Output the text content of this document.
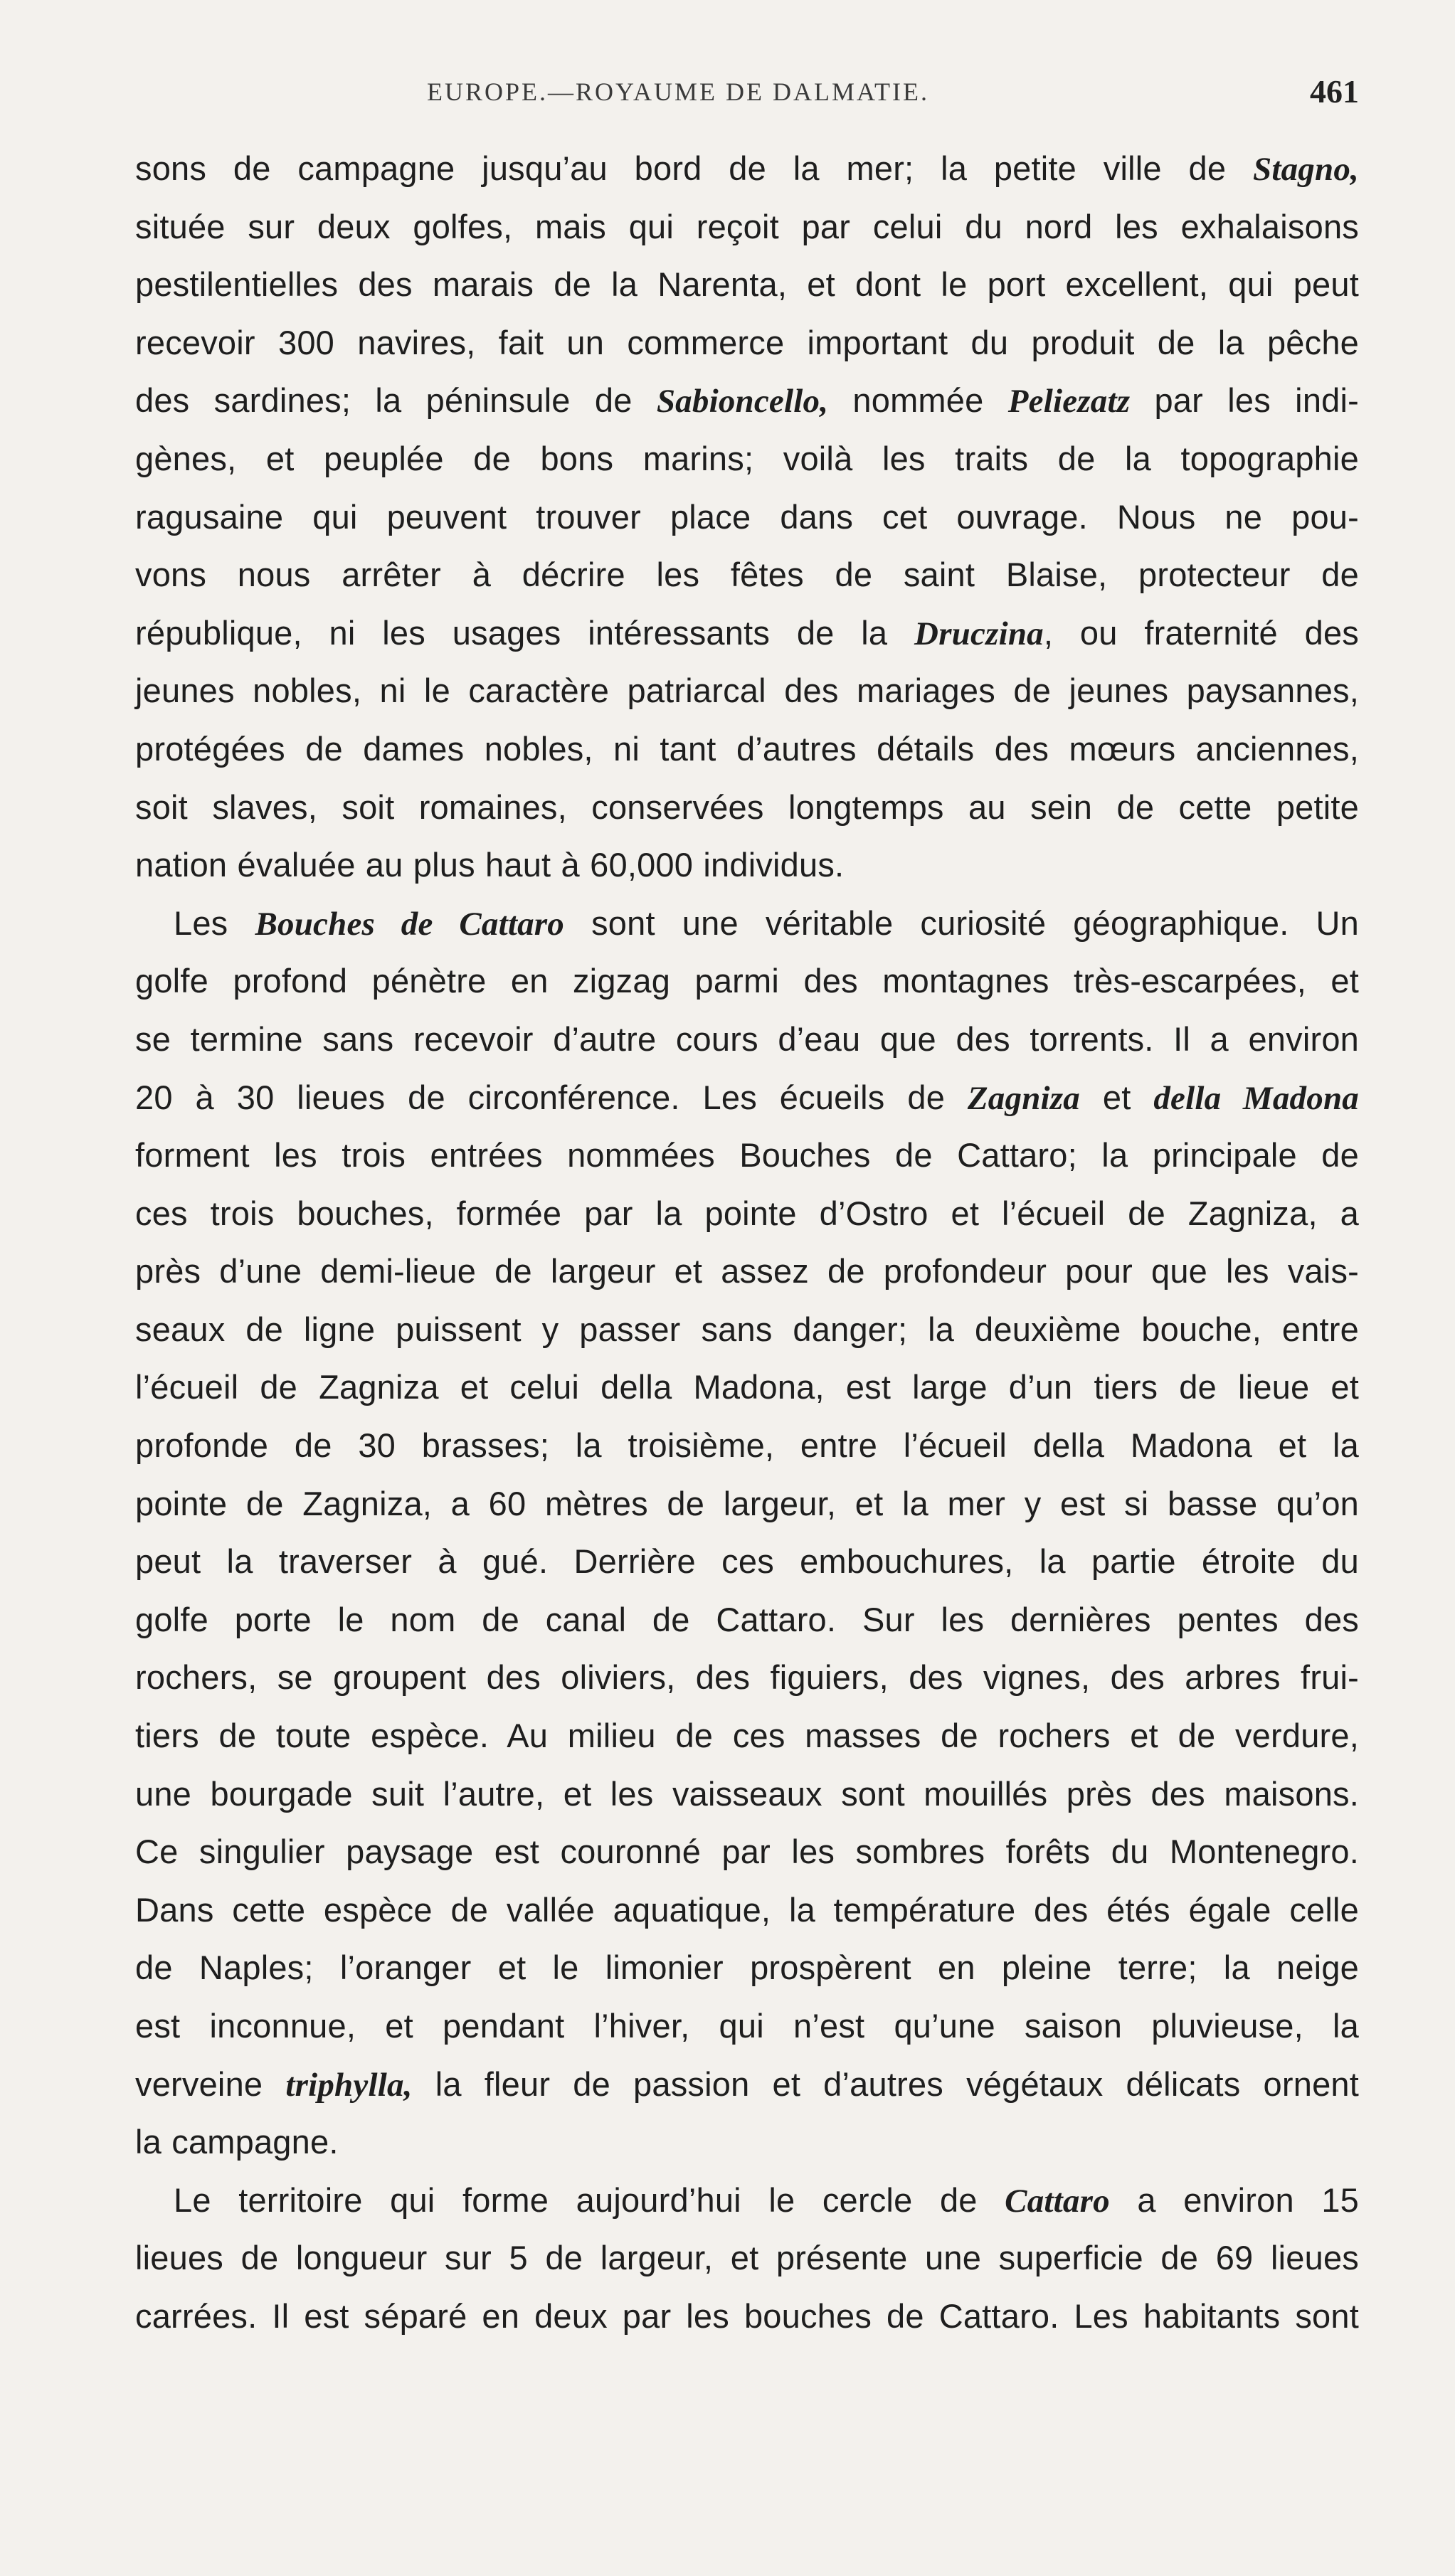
EUROPE.—ROYAUME DE DALMATIE.	461
sons de campagne jusqu’au bord de la mer; la petite ville de Stagno,
située sur deux golfes, mais qui reçoit par celui du nord les exhalaisons
pestilentielles des marais de la Narenta, et dont le port excellent, qui peut
recevoir 300 navires, fait un commerce important du produit de la pêche
des sardines; la péninsule de Sabioncello, nommée Peliezatz par les indi-
gènes, et peuplée de bons marins; voilà les traits de la topographie
ragusaine qui peuvent trouver place dans cet ouvrage. Nous ne pou-
vons nous arrêter à décrire les fêtes de saint Blaise, protecteur de
république, ni les usages intéressants de la Druczina, ou fraternité des
jeunes nobles, ni le caractère patriarcal des mariages de jeunes paysannes,
protégées de dames nobles, ni tant d’autres détails des mœurs anciennes,
soit slaves, soit romaines, conservées longtemps au sein de cette petite
nation évaluée au plus haut à 60,000 individus.
Les Bouches de Cattaro sont une véritable curiosité géographique. Un
golfe profond pénètre en zigzag parmi des montagnes très-escarpées, et
se termine sans recevoir d’autre cours d’eau que des torrents. Il a environ
20 à 30 lieues de circonférence. Les écueils de Zagniza et della Madona
forment les trois entrées nommées Bouches de Cattaro; la principale de
ces trois bouches, formée par la pointe d’Ostro et l’écueil de Zagniza, a
près d’une demi-lieue de largeur et assez de profondeur pour que les vais-
seaux de ligne puissent y passer sans danger; la deuxième bouche, entre
l’écueil de Zagniza et celui della Madona, est large d’un tiers de lieue et
profonde de 30 brasses; la troisième, entre l’écueil della Madona et la
pointe de Zagniza, a 60 mètres de largeur, et la mer y est si basse qu’on
peut la traverser à gué. Derrière ces embouchures, la partie étroite du
golfe porte le nom de canal de Cattaro. Sur les dernières pentes des
rochers, se groupent des oliviers, des figuiers, des vignes, des arbres frui-
tiers de toute espèce. Au milieu de ces masses de rochers et de verdure,
une bourgade suit l’autre, et les vaisseaux sont mouillés près des maisons.
Ce singulier paysage est couronné par les sombres forêts du Montenegro.
Dans cette espèce de vallée aquatique, la température des étés égale celle
de Naples; l’oranger et le limonier prospèrent en pleine terre; la neige
est inconnue, et pendant l’hiver, qui n’est qu’une saison pluvieuse, la
verveine triphylla, la fleur de passion et d’autres végétaux délicats ornent
la campagne.
Le territoire qui forme aujourd’hui le cercle de Cattaro a environ 15
lieues de longueur sur 5 de largeur, et présente une superficie de 69 lieues
carrées. Il est séparé en deux par les bouches de Cattaro. Les habitants sont
